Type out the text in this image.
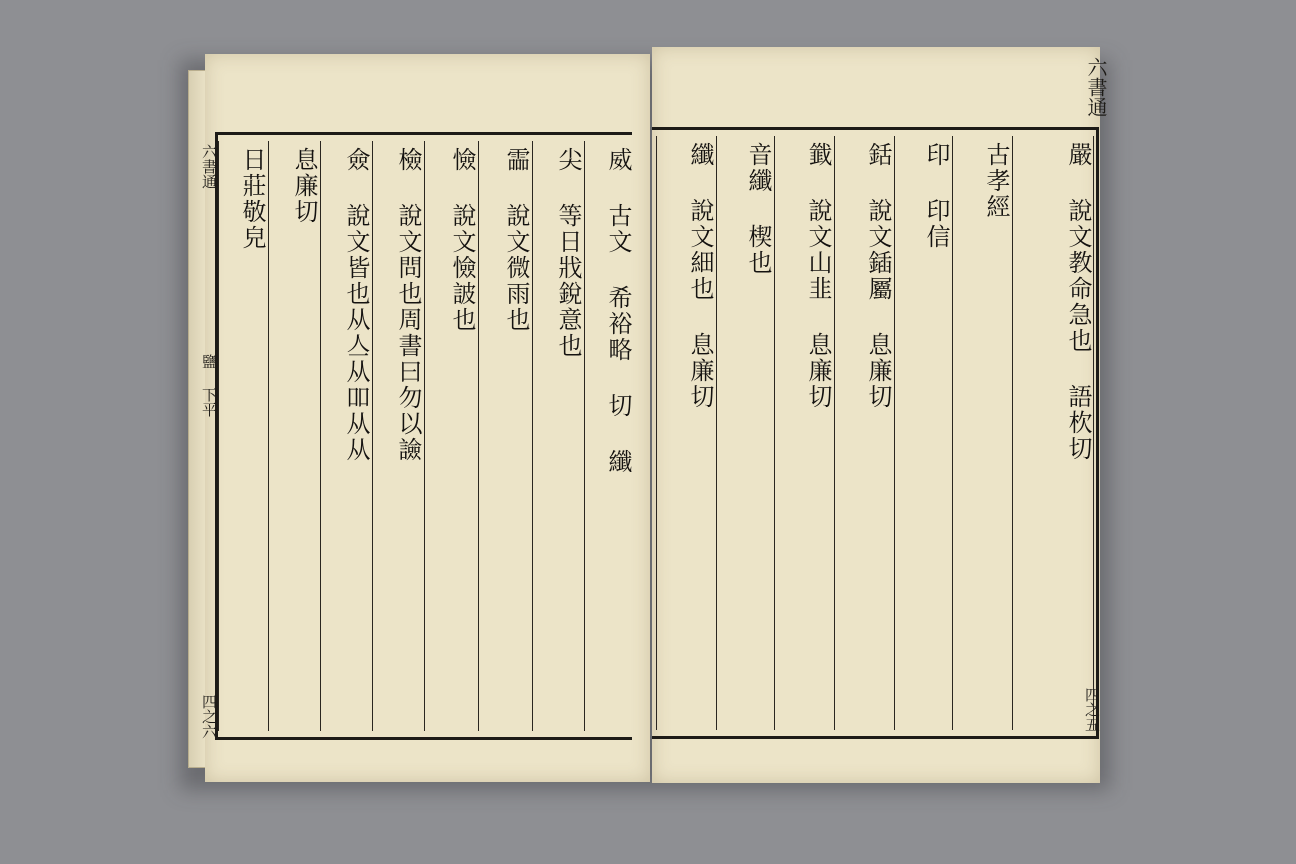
日莊敬皃	息廉切	僉 說文皆也从亼从吅从从	檢 說文問也周書曰勿以譣	憸 說文憸詖也	霝 說文微雨也	尖 等日戕銳意也 威 古文 希裕略 切 纖
六書通
鹽 下平
四之六
纖 說文細也 息廉切	音纖 楔也	韱 說文山韭 息廉切	銛 說文鍤屬 息廉切	印 印信	古孝經	嚴 說文教命急也 語杴切
六書通
四之五
